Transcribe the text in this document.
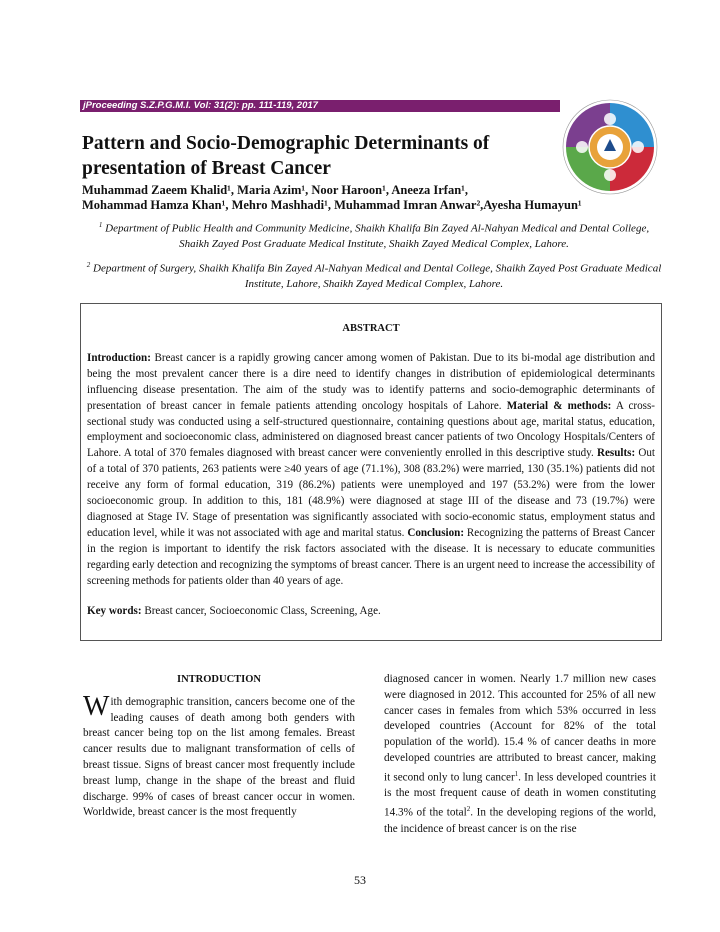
jProceeding S.Z.P.G.M.I. Vol: 31(2): pp. 111-119, 2017
Pattern and Socio-Demographic Determinants of presentation of Breast Cancer
Muhammad Zaeem Khalid¹, Maria Azim¹, Noor Haroon¹, Aneeza Irfan¹,
Mohammad Hamza Khan¹, Mehro Mashhadi¹, Muhammad Imran Anwar²,Ayesha Humayun¹
$^1$ Department of Public Health and Community Medicine, Shaikh Khalifa Bin Zayed Al-Nahyan Medical and Dental College, Shaikh Zayed Post Graduate Medical Institute, Shaikh Zayed Medical Complex, Lahore.
$^2$ Department of Surgery, Shaikh Khalifa Bin Zayed Al-Nahyan Medical and Dental College, Shaikh Zayed Post Graduate Medical Institute, Lahore, Shaikh Zayed Medical Complex, Lahore.
ABSTRACT
Introduction: Breast cancer is a rapidly growing cancer among women of Pakistan. Due to its bi-modal age distribution and being the most prevalent cancer there is a dire need to identify changes in distribution of epidemiological determinants influencing disease presentation. The aim of the study was to identify patterns and socio-demographic determinants of presentation of breast cancer in female patients attending oncology hospitals of Lahore. Material & methods: A cross-sectional study was conducted using a self-structured questionnaire, containing questions about age, marital status, education, employment and socioeconomic class, administered on diagnosed breast cancer patients of two Oncology Hospitals/Centers of Lahore. A total of 370 females diagnosed with breast cancer were conveniently enrolled in this descriptive study. Results: Out of a total of 370 patients, 263 patients were ≥40 years of age (71.1%), 308 (83.2%) were married, 130 (35.1%) patients did not receive any form of formal education, 319 (86.2%) patients were unemployed and 197 (53.2%) were from the lower socioeconomic group. In addition to this, 181 (48.9%) were diagnosed at stage III of the disease and 73 (19.7%) were diagnosed at Stage IV. Stage of presentation was significantly associated with socio-economic status, employment status and education level, while it was not associated with age and marital status. Conclusion: Recognizing the patterns of Breast Cancer in the region is important to identify the risk factors associated with the disease. It is necessary to educate communities regarding early detection and recognizing the symptoms of breast cancer. There is an urgent need to increase the accessibility of screening methods for patients older than 40 years of age.
Key words: Breast cancer, Socioeconomic Class, Screening, Age.
INTRODUCTION
W ith demographic transition, cancers become one of the leading causes of death among both genders with breast cancer being top on the list among females. Breast cancer results due to malignant transformation of cells of breast tissue. Signs of breast cancer most frequently include breast lump, change in the shape of the breast and fluid discharge. 99% of cases of breast cancer occur in women. Worldwide, breast cancer is the most frequently
diagnosed cancer in women. Nearly 1.7 million new cases were diagnosed in 2012. This accounted for 25% of all new cancer cases in females from which 53% occurred in less developed countries (Account for 82% of the total population of the world). 15.4 % of cancer deaths in more developed countries are attributed to breast cancer, making it second only to lung cancer$^1$. In less developed countries it is the most frequent cause of death in women constituting 14.3% of the total$^2$. In the developing regions of the world, the incidence of breast cancer is on the rise
53
